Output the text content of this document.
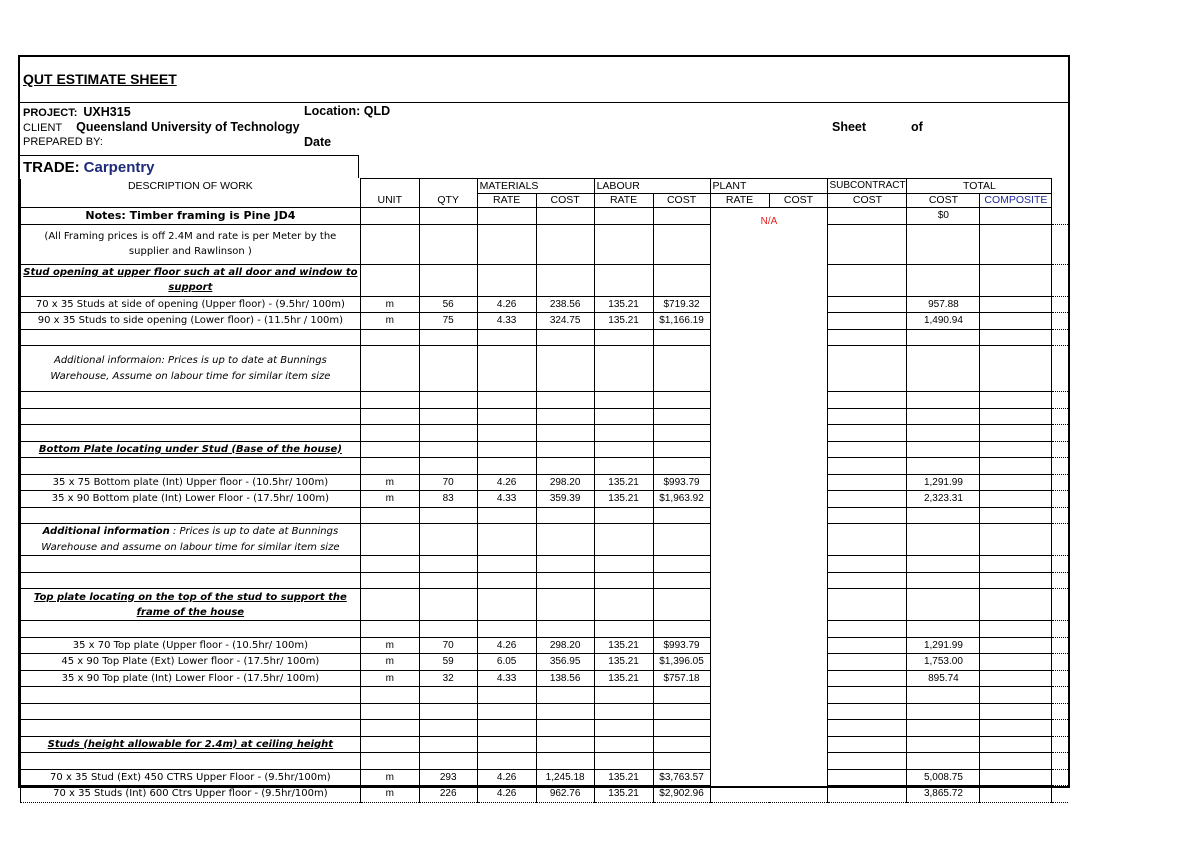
QUT ESTIMATE SHEET
PROJECT: UXH315	Location: QLD
CLIENT Queensland University of Technology	Sheet	of
PREPARED BY:	Date
TRADE: Carpentry
DESCRIPTION OF WORK			MATERIALS		LABOUR		PLANT		SUBCONTRACT	TOTAL		
	UNIT	QTY	RATE	COST	RATE	COST	RATE	COST	COST	COST	COMPOSITE	
Notes: Timber framing is Pine JD4							N/A			$0		
(All Framing prices is off 2.4M and rate is per Meter by the supplier and Rawlinson )												
Stud opening at upper floor such at all door and window to support												
70 x 35 Studs at side of opening (Upper floor) - (9.5hr/ 100m)	m	56	4.26	238.56	135.21	$719.32				957.88		
90 x 35 Studs to side opening (Lower floor) - (11.5hr / 100m)	m	75	4.33	324.75	135.21	$1,166.19				1,490.94		

Additional informaion: Prices is up to date at Bunnings Warehouse, Assume on labour time for similar item size												

Bottom Plate locating under Stud (Base of the house)												

35 x 75 Bottom plate (Int) Upper floor - (10.5hr/ 100m)	m	70	4.26	298.20	135.21	$993.79				1,291.99		
35 x 90 Bottom plate (Int) Lower Floor - (17.5hr/ 100m)	m	83	4.33	359.39	135.21	$1,963.92				2,323.31		

Additional information : Prices is up to date at Bunnings Warehouse and assume on labour time for similar item size												

Top plate locating on the top of the stud to support the frame of the house												

35 x 70 Top plate (Upper floor - (10.5hr/ 100m)	m	70	4.26	298.20	135.21	$993.79				1,291.99		
45 x 90 Top Plate (Ext) Lower floor - (17.5hr/ 100m)	m	59	6.05	356.95	135.21	$1,396.05				1,753.00		
35 x 90 Top plate (Int) Lower Floor - (17.5hr/ 100m)	m	32	4.33	138.56	135.21	$757.18				895.74		

Studs (height allowable for 2.4m) at ceiling height												

70 x 35 Stud (Ext) 450 CTRS Upper Floor - (9.5hr/100m)	m	293	4.26	1,245.18	135.21	$3,763.57				5,008.75		
70 x 35 Studs (Int) 600 Ctrs Upper floor - (9.5hr/100m)	m	226	4.26	962.76	135.21	$2,902.96				3,865.72		
